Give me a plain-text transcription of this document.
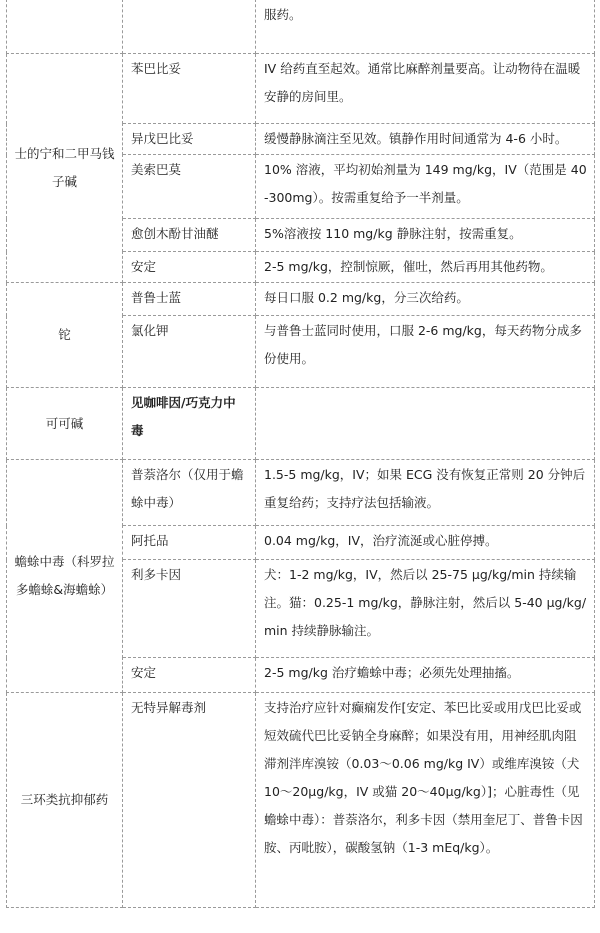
		服药。
士的宁和二甲马钱子碱	苯巴比妥	IV 给药直至起效。通常比麻醉剂量要高。让动物待在温暖安静的房间里。
	异戊巴比妥	缓慢静脉滴注至见效。镇静作用时间通常为 4-6 小时。
	美索巴莫	10% 溶液，平均初始剂量为 149 mg/kg，IV（范围是 40-300mg）。按需重复给予一半剂量。
	愈创木酚甘油醚	5%溶液按 110 mg/kg 静脉注射，按需重复。
	安定	2-5 mg/kg，控制惊厥，催吐，然后再用其他药物。
铊	普鲁士蓝	每日口服 0.2 mg/kg，分三次给药。
	氯化钾	与普鲁士蓝同时使用，口服 2-6 mg/kg，每天药物分成多份使用。
可可碱	见咖啡因/巧克力中毒	
蟾蜍中毒（科罗拉多蟾蜍&海蟾蜍）	普萘洛尔（仅用于蟾蜍中毒）	1.5-5 mg/kg，IV；如果 ECG 没有恢复正常则 20 分钟后重复给药；支持疗法包括输液。
	阿托品	0.04 mg/kg，IV，治疗流涎或心脏停搏。
	利多卡因	犬：1-2 mg/kg，IV，然后以 25-75 μg/kg/min 持续输注。猫：0.25-1 mg/kg，静脉注射，然后以 5-40 μg/kg/min 持续静脉输注。
	安定	2-5 mg/kg 治疗蟾蜍中毒；必须先处理抽搐。
三环类抗抑郁药	无特异解毒剂	支持治疗应针对癫痫发作[安定、苯巴比妥或用戊巴比妥或短效硫代巴比妥钠全身麻醉；如果没有用，用神经肌肉阻滞剂泮库溴铵（0.03～0.06 mg/kg IV）或维库溴铵（犬 10～20μg/kg，IV 或猫 20～40μg/kg）]；心脏毒性（见蟾蜍中毒）：普萘洛尔，利多卡因（禁用奎尼丁、普鲁卡因胺、丙吡胺），碳酸氢钠（1-3 mEq/kg）。
